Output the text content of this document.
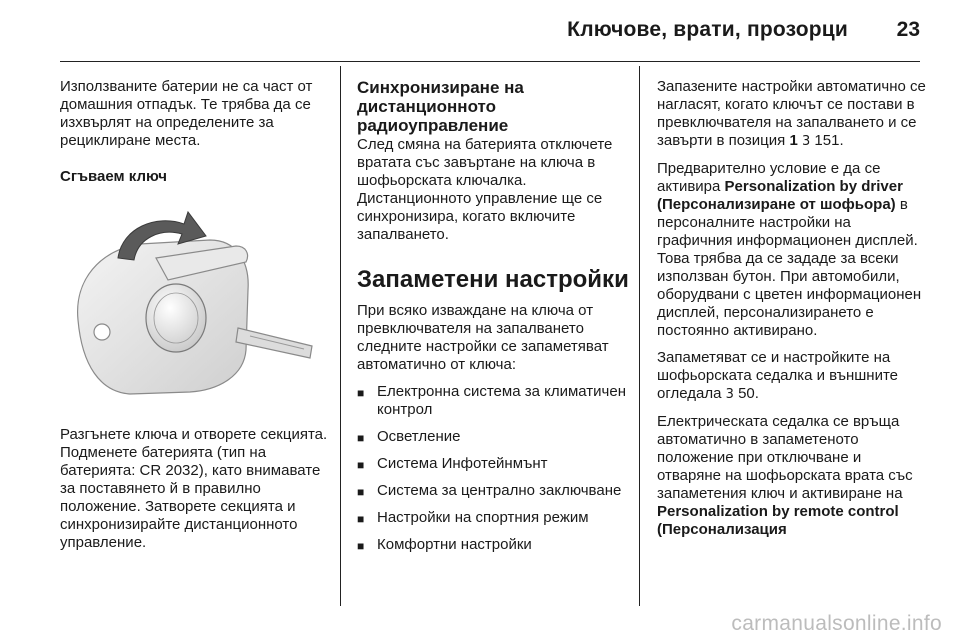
Ключове, врати, прозорци 23

Използваните батерии не са част от домашния отпадък. Те трябва да се изхвърлят на определените за рециклиране места.

Сгъваем ключ

Разгънете ключа и отворете секцията. Подменете батерията (тип на батерията: CR 2032), като внимавате за поставянето й в правилно положение. Затворете секцията и синхронизирайте дистанционното управление.

Синхронизиране на дистанционното радиоуправление

След смяна на батерията отключете вратата със завъртане на ключа в шофьорската ключалка. Дистанционното управление ще се синхронизира, когато включите запалването.

Запаметени настройки

При всяко изваждане на ключа от превключвателя на запалването следните настройки се запаметяват автоматично от ключа:

■ Електронна система за климатичен контрол
■ Осветление
■ Система Инфотейнмънт
■ Система за централно заключване
■ Настройки на спортния режим
■ Комфортни настройки

Запазените настройки автоматично се нагласят, когато ключът се постави в превключвателя на запалването и се завърти в позиция 1 3 151.

Предварително условие е да се активира Personalization by driver (Персонализиране от шофьора) в персоналните настройки на графичния информационен дисплей. Това трябва да се зададе за всеки използван бутон. При автомобили, оборудвани с цветен информационен дисплей, персонализирането е постоянно активирано.

Запаметяват се и настройките на шофьорската седалка и външните огледала 3 50.

Електрическата седалка се връща автоматично в запаметеното положение при отключване и отваряне на шофьорската врата със запаметения ключ и активиране на Personalization by remote control (Персонализация

carmanualsonline.info
